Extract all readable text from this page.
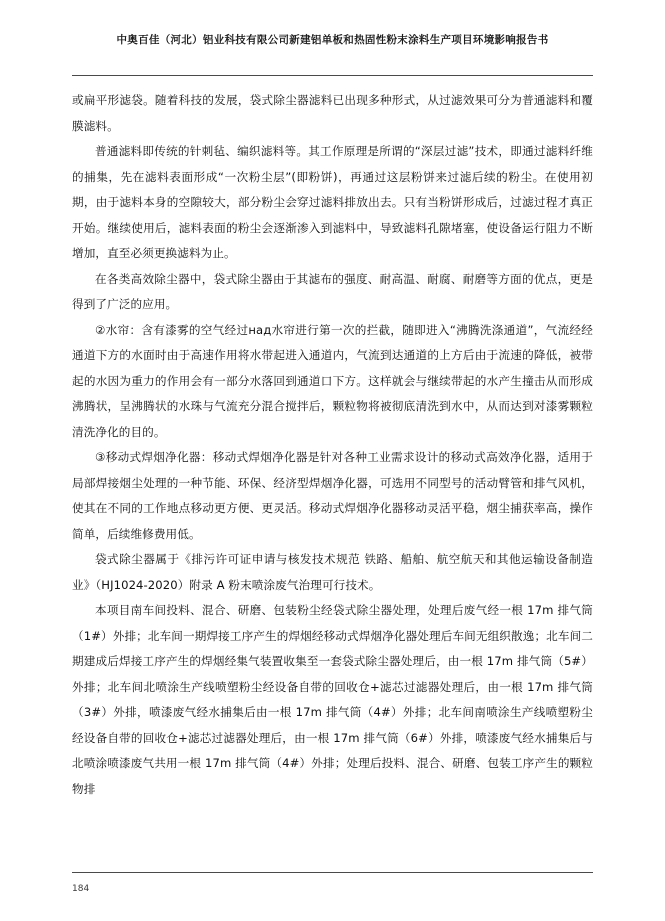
中奥百佳（河北）铝业科技有限公司新建铝单板和热固性粉末涂料生产项目环境影响报告书

或扁平形滤袋。随着科技的发展，袋式除尘器滤料已出现多种形式，从过滤效果可分为普通滤料和覆膜滤料。

普通滤料即传统的针刺毡、编织滤料等。其工作原理是所谓的“深层过滤”技术，即通过滤料纤维的捕集，先在滤料表面形成“一次粉尘层”(即粉饼)，再通过这层粉饼来过滤后续的粉尘。在使用初期，由于滤料本身的空隙较大，部分粉尘会穿过滤料排放出去。只有当粉饼形成后，过滤过程才真正开始。继续使用后，滤料表面的粉尘会逐渐渗入到滤料中，导致滤料孔隙堵塞，使设备运行阻力不断增加，直至必须更换滤料为止。

在各类高效除尘器中，袋式除尘器由于其滤布的强度、耐高温、耐腐、耐磨等方面的优点，更是得到了广泛的应用。

②水帘：含有漆雾的空气经过над水帘进行第一次的拦截，随即进入“沸腾洗涤通道”，气流经经通道下方的水面时由于高速作用将水带起进入通道内，气流到达通道的上方后由于流速的降低，被带起的水因为重力的作用会有一部分水落回到通道口下方。这样就会与继续带起的水产生撞击从而形成沸腾状，呈沸腾状的水珠与气流充分混合搅拌后，颗粒物将被彻底清洗到水中，从而达到对漆雾颗粒清洗净化的目的。

③移动式焊烟净化器：移动式焊烟净化器是针对各种工业需求设计的移动式高效净化器，适用于局部焊接烟尘处理的一种节能、环保、经济型焊烟净化器，可选用不同型号的活动臂管和排气风机，使其在不同的工作地点移动更方便、更灵活。移动式焊烟净化器移动灵活平稳，烟尘捕获率高，操作简单，后续维修费用低。

袋式除尘器属于《排污许可证申请与核发技术规范 铁路、船舶、航空航天和其他运输设备制造业》（HJ1024-2020）附录 A 粉末喷涂废气治理可行技术。

本项目南车间投料、混合、研磨、包装粉尘经袋式除尘器处理，处理后废气经一根 17m 排气筒（1#）外排；北车间一期焊接工序产生的焊烟经移动式焊烟净化器处理后车间无组织散逸；北车间二期建成后焊接工序产生的焊烟经集气装置收集至一套袋式除尘器处理后，由一根 17m 排气筒（5#）外排；北车间北喷涂生产线喷塑粉尘经设备自带的回收仓+滤芯过滤器处理后，由一根 17m 排气筒（3#）外排，喷漆废气经水捕集后由一根 17m 排气筒（4#）外排；北车间南喷涂生产线喷塑粉尘经设备自带的回收仓+滤芯过滤器处理后，由一根 17m 排气筒（6#）外排，喷漆废气经水捕集后与北喷涂喷漆废气共用一根 17m 排气筒（4#）外排；处理后投料、混合、研磨、包装工序产生的颗粒物排

184
